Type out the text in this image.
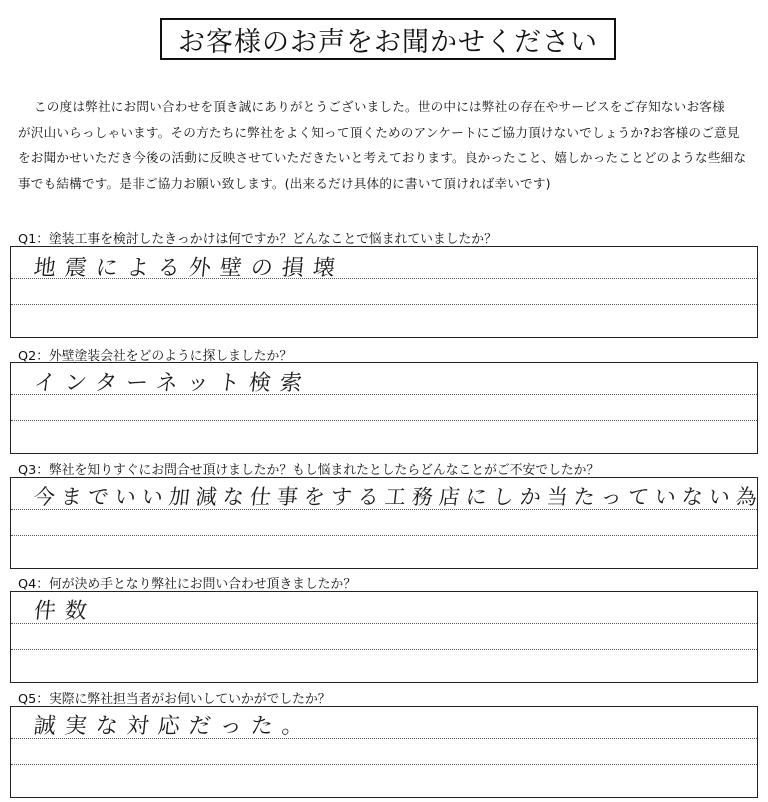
お客様のお声をお聞かせください

この度は弊社にお問い合わせを頂き誠にありがとうございました。世の中には弊社の存在やサービスをご存知ないお客様

が沢山いらっしゃいます。その方たちに弊社をよく知って頂くためのアンケートにご協力頂けないでしょうか?お客様のご意見

をお聞かせいただき今後の活動に反映させていただきたいと考えております。良かったこと、嬉しかったことどのような些細な

事でも結構です。是非ご協力お願い致します。(出来るだけ具体的に書いて頂ければ幸いです)

Q1：塗装工事を検討したきっかけは何ですか？どんなことで悩まれていましたか？
地震による外壁の損壊
Q2：外壁塗装会社をどのように探しましたか？
インターネット検索
Q3：弊社を知りすぐにお問合せ頂けましたか？もし悩まれたとしたらどんなことがご不安でしたか？
今までいい加減な仕事をする工務店にしか当たっていない為
Q4：何が決め手となり弊社にお問い合わせ頂きましたか？
件数
Q5：実際に弊社担当者がお伺いしていかがでしたか？
誠実な対応だった。
